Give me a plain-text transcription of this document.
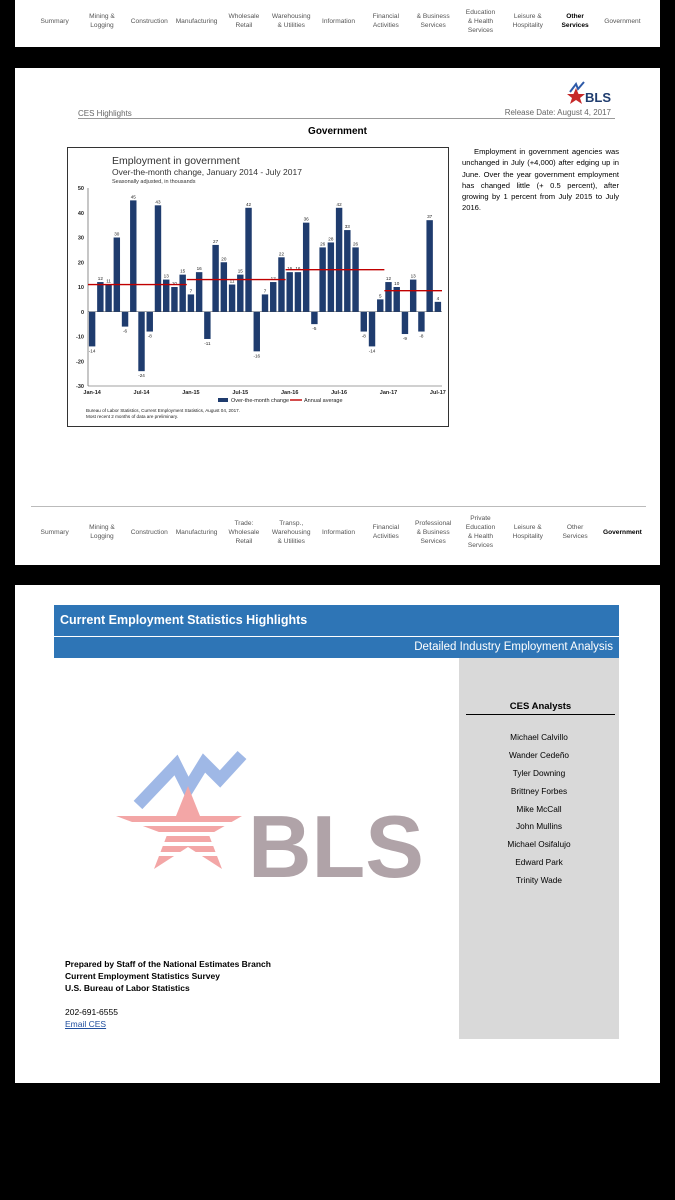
Summary
Mining &
Logging
Construction	Manufacturing
Wholesale
Retail
Warehousing
& Utilities
Information
Financial
Activities
& Business
Services
Education
& Health
Services
Leisure &
Hospitality
Other
Services
Government
BLS
CES Highlights	Release Date: August 4, 2017
Government
Employment in government
Over-the-month change, January 2014 - July 2017
Seasonally adjusted, in thousands
50
40
30
20
10
0
-10
-20
-30
-14
12 11
30
-6
45
-24
-8
43
13
10
15
7
16
-11
27
20
11
15
42
-16
7
12
22
16 16
36
-5
26
28
42
33
26
-8
-14
5
12
10
-9
13
-8
37
4
Jan-14	Jul-14	Jan-15	Jul-15	Jan-16	Jul-16	Jan-17	Jul-17
Over-the-month change	Annual average
Bureau of Labor Statistics, Current Employment Statistics, August 04, 2017.
Most recent 2 months of data are preliminary.

Employment in government agencies was unchanged in July (+4,000) after edging up in June. Over the year government employment has changed little (+ 0.5 percent), after growing by 1 percent from July 2015 to July 2016.

Summary
Mining &
Logging
Construction	Manufacturing
Trade:
Wholesale
Retail
Transp.,
Warehousing
& Utilities
Information
Financial
Activities
Professional
& Business
Services
Private
Education
& Health
Services
Leisure &
Hospitality
Other
Services
Government
Current Employment Statistics Highlights
Detailed Industry Employment Analysis
BLS
CES Analysts
Michael Calvillo
Wander Cedeño
Tyler Downing
Brittney Forbes
Mike McCall
John Mullins
Michael Osifalujo
Edward Park
Trinity Wade
Prepared by Staff of the National Estimates Branch
Current Employment Statistics Survey
U.S. Bureau of Labor Statistics
202-691-6555
Email CES
